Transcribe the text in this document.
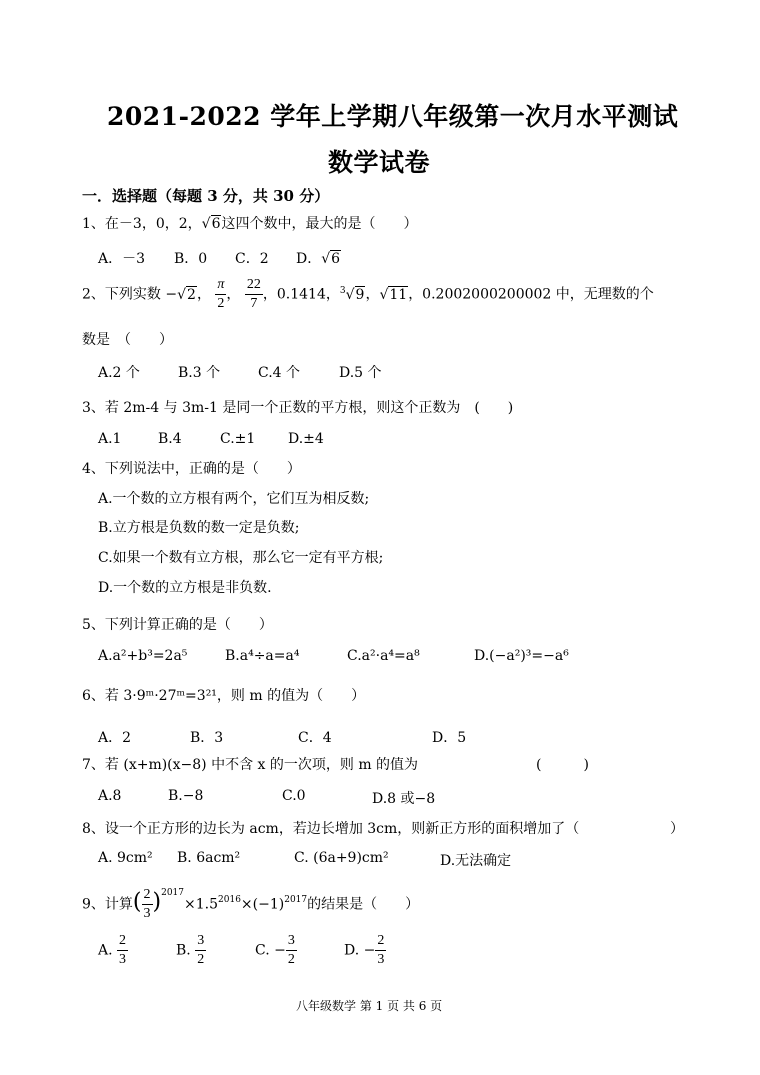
2021-2022 学年上学期八年级第一次月水平测试
数学试卷
一．选择题（每题 3 分，共 30 分）
1、在－3，0，2，√6这四个数中，最大的是（　　）
A．－3 B．0 C．2 D．√6
2、下列实数 −√2， $\frac{\pi}{2}$ ， $\frac{22}{7}$ ，0.1414，$^3$√9，√11，0.2002000200002 中，无理数的个
数是　（　　）
A.2 个	B.3 个	C.4 个	D.5 个
3、若 2m-4 与 3m-1 是同一个正数的平方根，则这个正数为　(　　)
A.1	B.4	C.±1 D.±4
4、下列说法中，正确的是（　　）
A.一个数的立方根有两个，它们互为相反数;
B.立方根是负数的数一定是负数;
C.如果一个数有立方根，那么它一定有平方根;
D.一个数的立方根是非负数.
5、下列计算正确的是（　　）
A.a²+b³=2a⁵	B.a⁴÷a=a⁴	C.a²·a⁴=a⁸	D.(−a²)³=−a⁶
6、若 3·9ᵐ·27ᵐ=3²¹，则 m 的值为（　　）
A．2	B．3	C．4	D．5
7、若 (x+m)(x−8) 中不含 x 的一次项，则 m 的值为	(　　　)
A.8	B.−8	C.0	D.8 或−8
8、设一个正方形的边长为 acm，若边长增加 3cm，则新正方形的面积增加了（	）
A. 9cm² B. 6acm²	C. (6a+9)cm²	D.无法确定
9、计算( $\frac{2}{3} )^{2017}\times 1.5^{2016}\times(-1)^{2017}$的结果是（　　）
A. $\frac{2}{3}$	B. $\frac{3}{2}$	C. − $\frac{3}{2}$	D. − $\frac{2}{3}$
八年级数学 第 1 页 共 6 页
